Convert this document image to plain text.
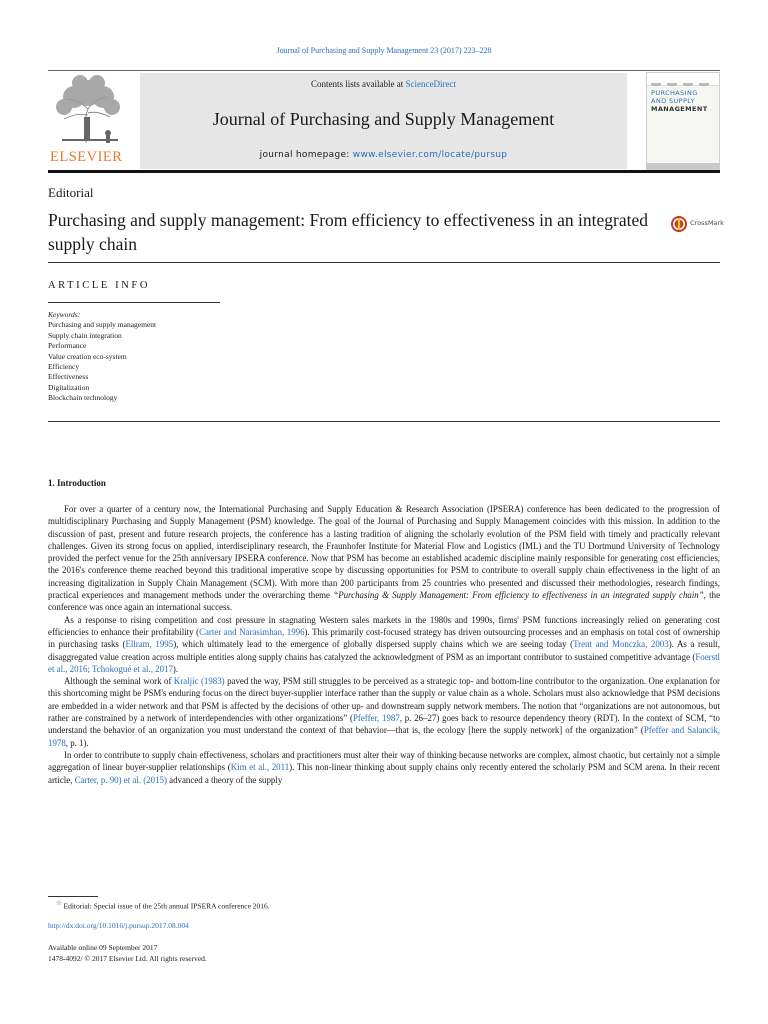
Journal of Purchasing and Supply Management 23 (2017) 223–228
ELSEVIER
Contents lists available at ScienceDirect
Journal of Purchasing and Supply Management
journal homepage: www.elsevier.com/locate/pursup
PURCHASING
AND SUPPLY
MANAGEMENT
Editorial
Purchasing and supply management: From efficiency to effectiveness in an integrated supply chain
CrossMark
ARTICLE INFO
Keywords:
Purchasing and supply management
Supply chain integration
Performance
Value creation eco-system
Efficiency
Effectiveness
Digitalization
Blockchain technology
1. Introduction

For over a quarter of a century now, the International Purchasing and Supply Education & Research Association (IPSERA) conference has been dedicated to the progression of multidisciplinary Purchasing and Supply Management (PSM) knowledge. The goal of the Journal of Purchasing and Supply Management coincides with this mission. In addition to the discussion of past, present and future research projects, the conference has a lasting tradition of aligning the scholarly evolution of the PSM field with timely and practically relevant challenges. Given its strong focus on applied, interdisciplinary research, the Fraunhofer Institute for Material Flow and Logistics (IML) and the TU Dortmund University of Technology provided the perfect venue for the 25th anniversary IPSERA conference. Now that PSM has become an established academic discipline mainly responsible for generating cost efficiencies, the 2016's conference theme reached beyond this traditional imperative scope by discussing opportunities for PSM to contribute to overall supply chain effectiveness in the light of an increasing digitalization in Supply Chain Management (SCM). With more than 200 participants from 25 countries who presented and discussed their methodologies, research findings, practical experiences and management methods under the overarching theme “Purchasing & Supply Management: From efficiency to effectiveness in an integrated supply chain”, the conference was once again an international success.

As a response to rising competition and cost pressure in stagnating Western sales markets in the 1980s and 1990s, firms' PSM functions increasingly relied on generating cost efficiencies to enhance their profitability (Carter and Narasimhan, 1996). This primarily cost-focused strategy has driven outsourcing processes and an emphasis on total cost of ownership in purchasing tasks (Ellram, 1995), which ultimately lead to the emergence of globally dispersed supply chains which we are seeing today (Trent and Monczka, 2003). As a result, disaggregated value creation across multiple entities along supply chains has catalyzed the acknowledgment of PSM as an important contributor to sustained competitive advantage (Foerstl et al., 2016; Tchokogué et al., 2017).

Although the seminal work of Kraljic (1983) paved the way, PSM still struggles to be perceived as a strategic top- and bottom-line contributor to the organization. One explanation for this shortcoming might be PSM's enduring focus on the direct buyer-supplier interface rather than the supply or value chain as a whole. Scholars must also acknowledge that PSM decisions are embedded in a wider network and that PSM is affected by the decisions of other up- and downstream supply network members. The notion that “organizations are not autonomous, but rather are constrained by a network of interdependencies with other organizations” (Pfeffer, 1987, p. 26–27) goes back to resource dependency theory (RDT). In the context of SCM, “to understand the behavior of an organization you must understand the context of that behavior—that is, the ecology [here the supply network] of the organization” (Pfeffer and Salancik, 1978, p. 1).

In order to contribute to supply chain effectiveness, scholars and practitioners must alter their way of thinking because networks are complex, almost chaotic, but certainly not a simple aggregation of linear buyer-supplier relationships (Kim et al., 2011). This non-linear thinking about supply chains only recently entered the scholarly PSM and SCM arena. In their recent article, Carter, p. 90) et al. (2015) advanced a theory of the supply

☆ Editorial: Special issue of the 25th annual IPSERA conference 2016.
http://dx.doi.org/10.1016/j.pursup.2017.08.004
Available online 09 September 2017
1478-4092/ © 2017 Elsevier Ltd. All rights reserved.
